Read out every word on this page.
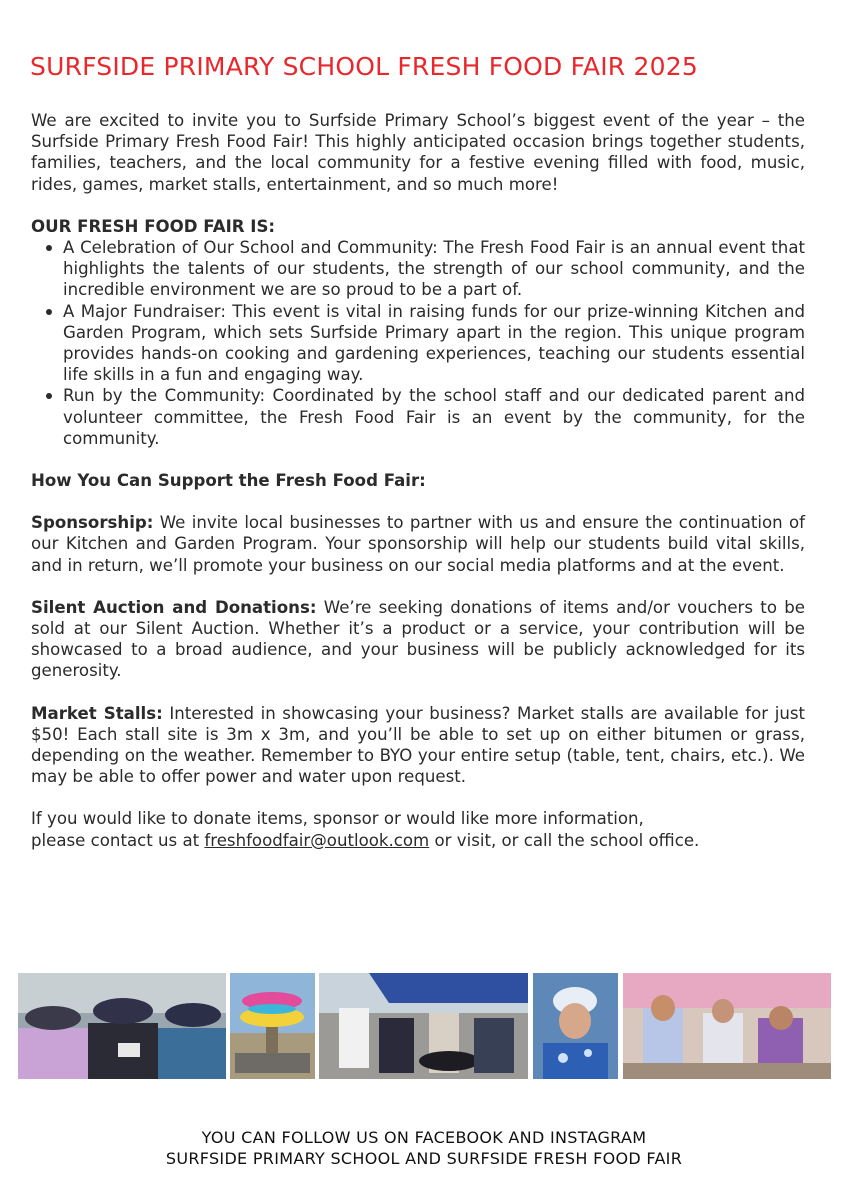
SURFSIDE PRIMARY SCHOOL FRESH FOOD FAIR 2025

We are excited to invite you to Surfside Primary School’s biggest event of the year – the Surfside Primary Fresh Food Fair! This highly anticipated occasion brings together students, families, teachers, and the local community for a festive evening filled with food, music, rides, games, market stalls, entertainment, and so much more!

OUR FRESH FOOD FAIR IS:

A Celebration of Our School and Community: The Fresh Food Fair is an annual event that highlights the talents of our students, the strength of our school community, and the incredible environment we are so proud to be a part of.
A Major Fundraiser: This event is vital in raising funds for our prize-winning Kitchen and Garden Program, which sets Surfside Primary apart in the region. This unique program provides hands-on cooking and gardening experiences, teaching our students essential life skills in a fun and engaging way.
Run by the Community: Coordinated by the school staff and our dedicated parent and volunteer committee, the Fresh Food Fair is an event by the community, for the community.

How You Can Support the Fresh Food Fair:

Sponsorship: We invite local businesses to partner with us and ensure the continuation of our Kitchen and Garden Program. Your sponsorship will help our students build vital skills, and in return, we’ll promote your business on our social media platforms and at the event.

Silent Auction and Donations: We’re seeking donations of items and/or vouchers to be sold at our Silent Auction. Whether it’s a product or a service, your contribution will be showcased to a broad audience, and your business will be publicly acknowledged for its generosity.

Market Stalls: Interested in showcasing your business? Market stalls are available for just $50! Each stall site is 3m x 3m, and you’ll be able to set up on either bitumen or grass, depending on the weather. Remember to BYO your entire setup (table, tent, chairs, etc.). We may be able to offer power and water upon request.

If you would like to donate items, sponsor or would like more information,

please contact us at freshfoodfair@outlook.com or visit, or call the school office.

YOU CAN FOLLOW US ON FACEBOOK AND INSTAGRAM
SURFSIDE PRIMARY SCHOOL AND SURFSIDE FRESH FOOD FAIR
